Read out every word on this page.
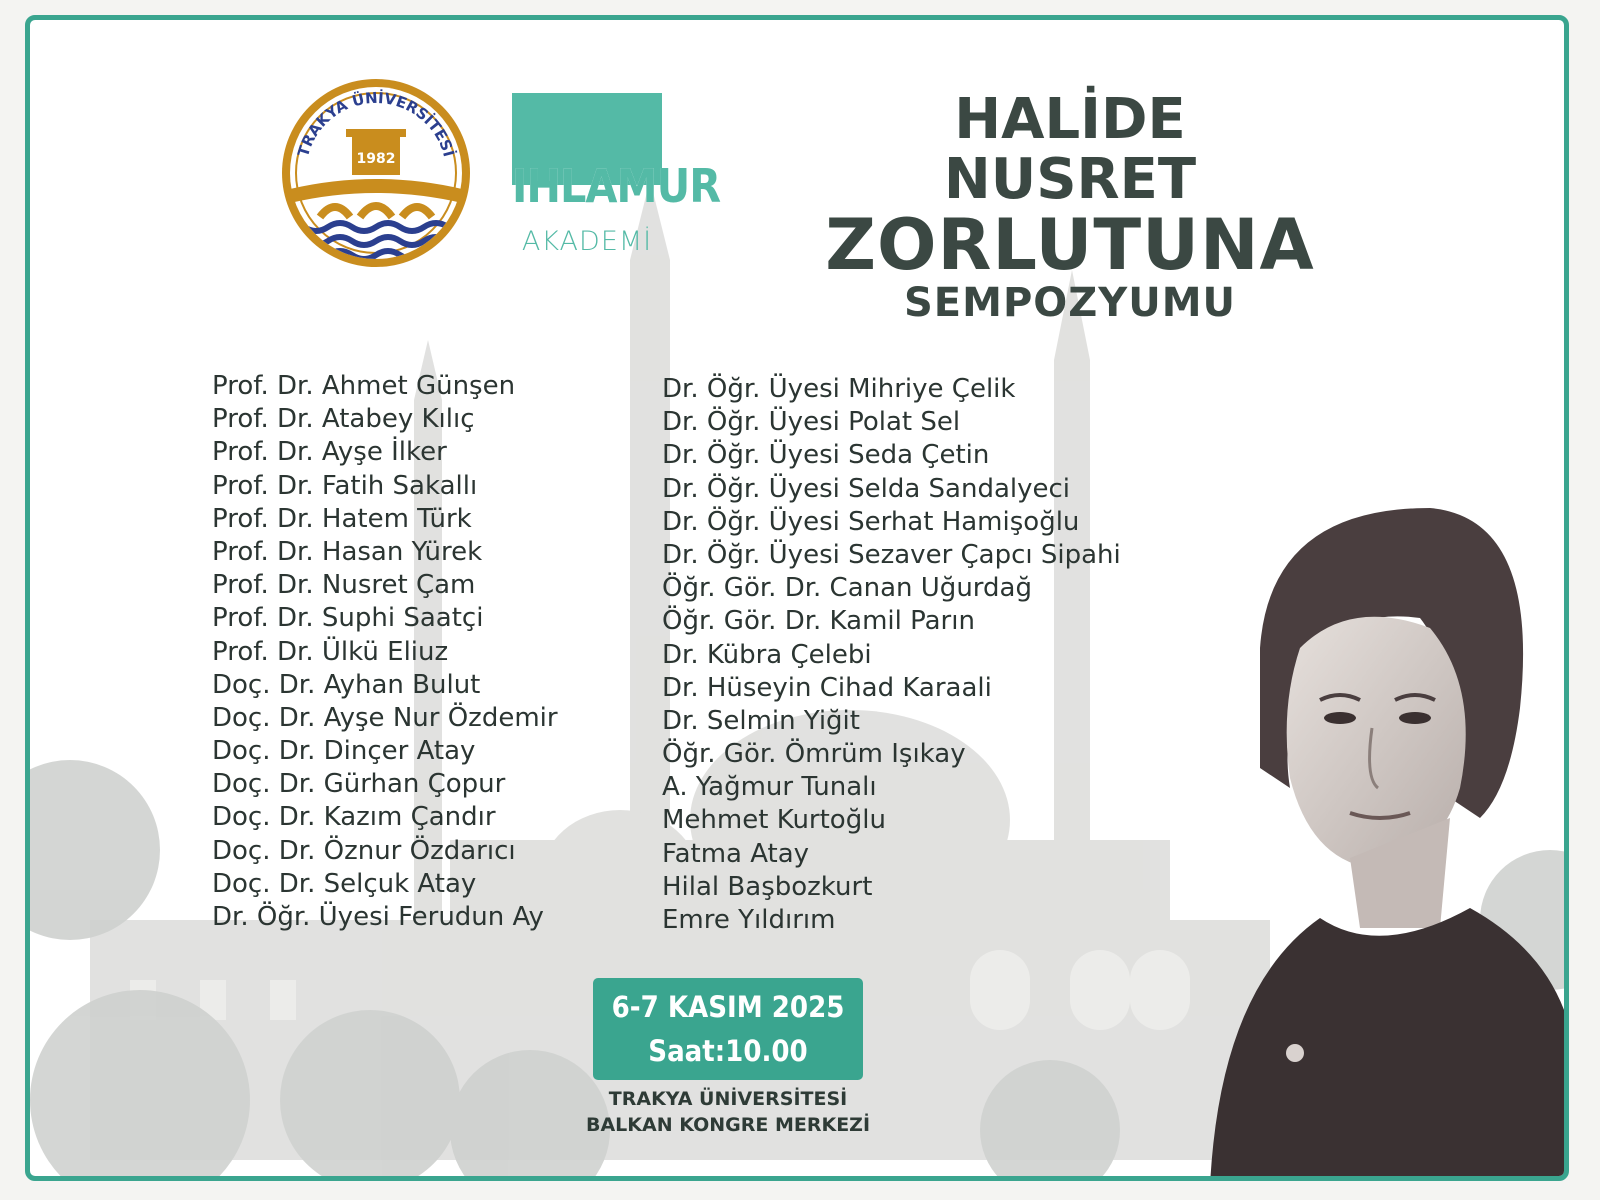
TRAKYA ÜNİVERSİTESİ
1982	IHLAMUR
AKADEMİ
HALİDE NUSRET
ZORLUTUNA
SEMPOZYUMU
Prof. Dr. Ahmet Günşen
Prof. Dr. Atabey Kılıç
Prof. Dr. Ayşe İlker
Prof. Dr. Fatih Sakallı
Prof. Dr. Hatem Türk
Prof. Dr. Hasan Yürek
Prof. Dr. Nusret Çam
Prof. Dr. Suphi Saatçi
Prof. Dr. Ülkü Eliuz
Doç. Dr. Ayhan Bulut
Doç. Dr. Ayşe Nur Özdemir
Doç. Dr. Dinçer Atay
Doç. Dr. Gürhan Çopur
Doç. Dr. Kazım Çandır
Doç. Dr. Öznur Özdarıcı
Doç. Dr. Selçuk Atay
Dr. Öğr. Üyesi Ferudun Ay
Dr. Öğr. Üyesi Mihriye Çelik
Dr. Öğr. Üyesi Polat Sel
Dr. Öğr. Üyesi Seda Çetin
Dr. Öğr. Üyesi Selda Sandalyeci
Dr. Öğr. Üyesi Serhat Hamişoğlu
Dr. Öğr. Üyesi Sezaver Çapcı Sipahi
Öğr. Gör. Dr. Canan Uğurdağ
Öğr. Gör. Dr. Kamil Parın
Dr. Kübra Çelebi
Dr. Hüseyin Cihad Karaali
Dr. Selmin Yiğit
Öğr. Gör. Ömrüm Işıkay
A. Yağmur Tunalı
Mehmet Kurtoğlu
Fatma Atay
Hilal Başbozkurt
Emre Yıldırım
6-7 KASIM 2025
Saat:10.00
TRAKYA ÜNİVERSİTESİ
BALKAN KONGRE MERKEZİ
